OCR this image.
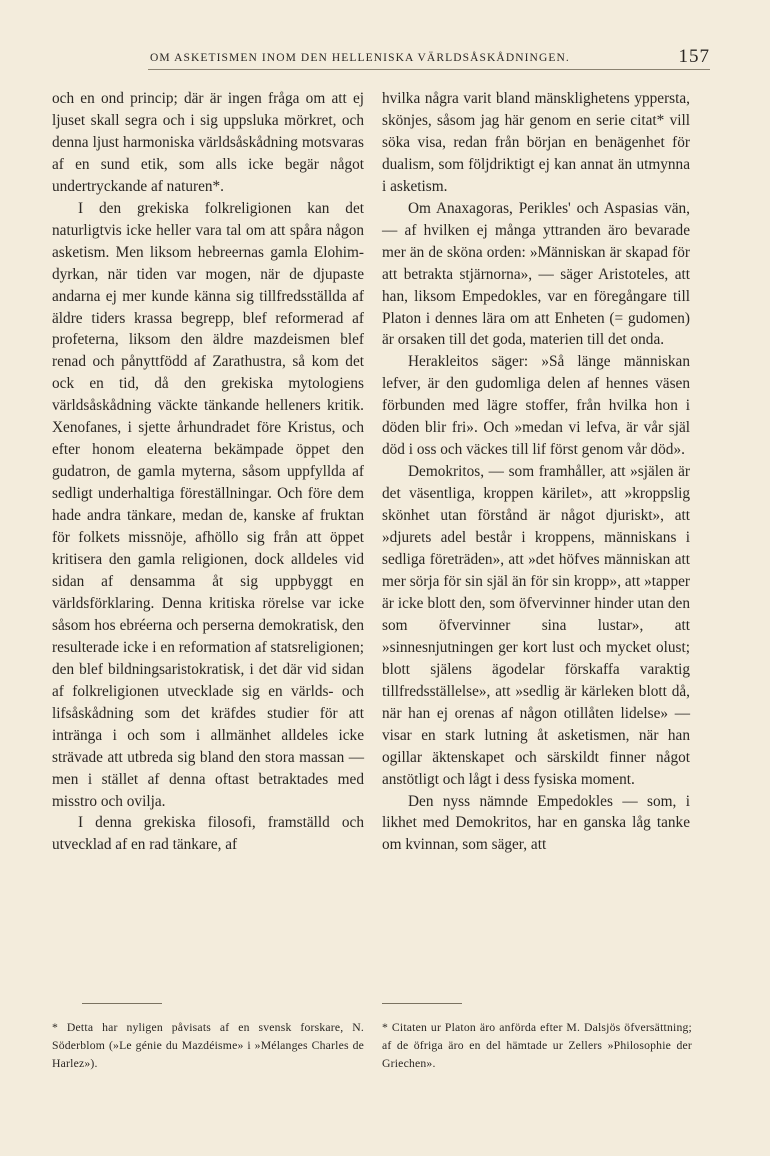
OM ASKETISMEN INOM DEN HELLENISKA VÄRLDSÅSKÅDNINGEN.	157

och en ond princip; där är ingen fråga om att ej ljuset skall segra och i sig uppsluka mörkret, och denna ljust harmoniska världsåskådning motsvaras af en sund etik, som alls icke begär något undertryckande af naturen*.

I den grekiska folkreligionen kan det naturligtvis icke heller vara tal om att spåra någon asketism. Men liksom hebreernas gamla Elohim-dyrkan, när tiden var mogen, när de djupaste andarna ej mer kunde känna sig tillfredsställda af äldre tiders krassa begrepp, blef reformerad af profeterna, liksom den äldre mazdeismen blef renad och pånyttfödd af Zarathustra, så kom det ock en tid, då den grekiska mytologiens världsåskådning väckte tänkande helleners kritik. Xenofanes, i sjette århundradet före Kristus, och efter honom eleaterna bekämpade öppet den gudatron, de gamla myterna, såsom uppfyllda af sedligt underhaltiga föreställningar. Och före dem hade andra tänkare, medan de, kanske af fruktan för folkets missnöje, afhöllo sig från att öppet kritisera den gamla religionen, dock alldeles vid sidan af densamma åt sig uppbyggt en världsförklaring. Denna kritiska rörelse var icke såsom hos ebréerna och perserna demokratisk, den resulterade icke i en reformation af statsreligionen; den blef bildningsaristokratisk, i det där vid sidan af folkreligionen utvecklade sig en världs- och lifsåskådning som det kräfdes studier för att intränga i och som i allmänhet alldeles icke strävade att utbreda sig bland den stora massan — men i stället af denna oftast betraktades med misstro och ovilja.

I denna grekiska filosofi, framställd och utvecklad af en rad tänkare, af

hvilka några varit bland mänsklighetens yppersta, skönjes, såsom jag här genom en serie citat* vill söka visa, redan från början en benägenhet för dualism, som följdriktigt ej kan annat än utmynna i asketism.

Om Anaxagoras, Perikles' och Aspasias vän, — af hvilken ej många yttranden äro bevarade mer än de sköna orden: »Människan är skapad för att betrakta stjärnorna», — säger Aristoteles, att han, liksom Empedokles, var en föregångare till Platon i dennes lära om att Enheten (= gudomen) är orsaken till det goda, materien till det onda.

Herakleitos säger: »Så länge människan lefver, är den gudomliga delen af hennes väsen förbunden med lägre stoffer, från hvilka hon i döden blir fri». Och »medan vi lefva, är vår själ död i oss och väckes till lif först genom vår död».

Demokritos, — som framhåller, att »själen är det väsentliga, kroppen kärilet», att »kroppslig skönhet utan förstånd är något djuriskt», att »djurets adel består i kroppens, människans i sedliga företräden», att »det höfves människan att mer sörja för sin själ än för sin kropp», att »tapper är icke blott den, som öfvervinner hinder utan den som öfvervinner sina lustar», att »sinnesnjutningen ger kort lust och mycket olust; blott själens ägodelar förskaffa varaktig tillfredsställelse», att »sedlig är kärleken blott då, när han ej orenas af någon otillåten lidelse» — visar en stark lutning åt asketismen, när han ogillar äktenskapet och särskildt finner något anstötligt och lågt i dess fysiska moment.

Den nyss nämnde Empedokles — som, i likhet med Demokritos, har en ganska låg tanke om kvinnan, som säger, att

* Detta har nyligen påvisats af en svensk forskare, N. Söderblom (»Le génie du Mazdéisme» i »Mélanges Charles de Harlez»).
* Citaten ur Platon äro anförda efter M. Dalsjös öfversättning; af de öfriga äro en del hämtade ur Zellers »Philosophie der Griechen».
